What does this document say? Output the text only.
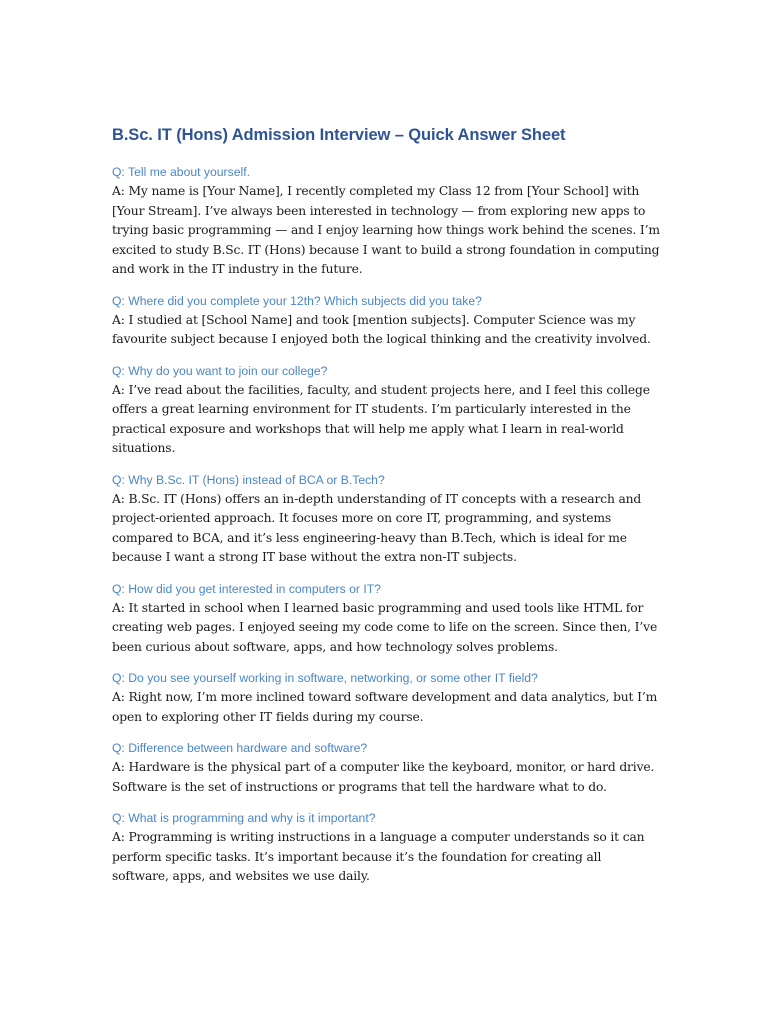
B.Sc. IT (Hons) Admission Interview – Quick Answer Sheet
Q: Tell me about yourself.

A: My name is [Your Name], I recently completed my Class 12 from [Your School] with [Your Stream]. I’ve always been interested in technology — from exploring new apps to trying basic programming — and I enjoy learning how things work behind the scenes. I’m excited to study B.Sc. IT (Hons) because I want to build a strong foundation in computing and work in the IT industry in the future.

Q: Where did you complete your 12th? Which subjects did you take?

A: I studied at [School Name] and took [mention subjects]. Computer Science was my favourite subject because I enjoyed both the logical thinking and the creativity involved.

Q: Why do you want to join our college?

A: I’ve read about the facilities, faculty, and student projects here, and I feel this college offers a great learning environment for IT students. I’m particularly interested in the practical exposure and workshops that will help me apply what I learn in real-world situations.

Q: Why B.Sc. IT (Hons) instead of BCA or B.Tech?

A: B.Sc. IT (Hons) offers an in-depth understanding of IT concepts with a research and project-oriented approach. It focuses more on core IT, programming, and systems compared to BCA, and it’s less engineering-heavy than B.Tech, which is ideal for me because I want a strong IT base without the extra non-IT subjects.

Q: How did you get interested in computers or IT?

A: It started in school when I learned basic programming and used tools like HTML for creating web pages. I enjoyed seeing my code come to life on the screen. Since then, I’ve been curious about software, apps, and how technology solves problems.

Q: Do you see yourself working in software, networking, or some other IT field?

A: Right now, I’m more inclined toward software development and data analytics, but I’m open to exploring other IT fields during my course.

Q: Difference between hardware and software?

A: Hardware is the physical part of a computer like the keyboard, monitor, or hard drive. Software is the set of instructions or programs that tell the hardware what to do.

Q: What is programming and why is it important?

A: Programming is writing instructions in a language a computer understands so it can perform specific tasks. It’s important because it’s the foundation for creating all software, apps, and websites we use daily.
